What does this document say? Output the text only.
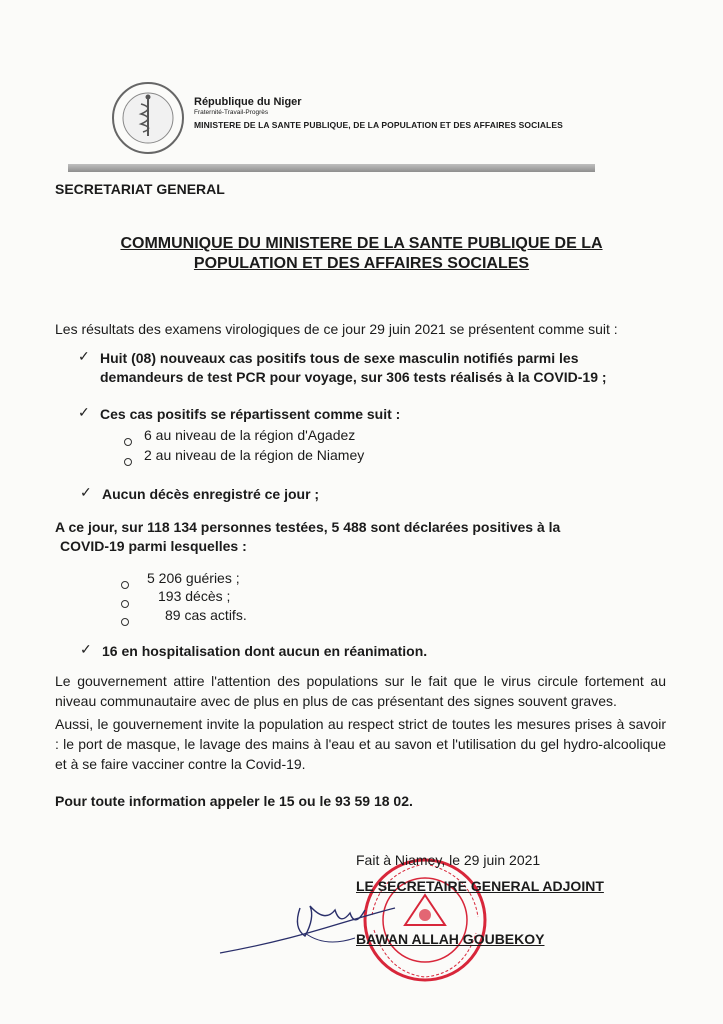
République du Niger
Fraternité-Travail-Progrès
MINISTERE DE LA SANTE PUBLIQUE, DE LA POPULATION ET DES AFFAIRES SOCIALES
SECRETARIAT GENERAL
COMMUNIQUE DU MINISTERE DE LA SANTE PUBLIQUE DE LA
POPULATION ET DES AFFAIRES SOCIALES
Les résultats des examens virologiques de ce jour 29 juin 2021 se présentent comme suit :
✓ Huit (08) nouveaux cas positifs tous de sexe masculin notifiés parmi les
demandeurs de test PCR pour voyage, sur 306 tests réalisés à la COVID-19 ;
✓ Ces cas positifs se répartissent comme suit :
6 au niveau de la région d'Agadez
2 au niveau de la région de Niamey
✓ Aucun décès enregistré ce jour ;
A ce jour, sur 118 134 personnes testées, 5 488 sont déclarées positives à la
COVID-19 parmi lesquelles :
5 206 guéries ;
193 décès ;
89 cas actifs.
✓ 16 en hospitalisation dont aucun en réanimation.
Le gouvernement attire l'attention des populations sur le fait que le virus circule fortement au niveau communautaire avec de plus en plus de cas présentant des signes souvent graves.
Aussi, le gouvernement invite la population au respect strict de toutes les mesures prises à savoir : le port de masque, le lavage des mains à l'eau et au savon et l'utilisation du gel hydro-alcoolique et à se faire vacciner contre la Covid-19.
Pour toute information appeler le 15 ou le 93 59 18 02.
Fait à Niamey, le 29 juin 2021
LE SECRETAIRE GENERAL ADJOINT
BAWAN ALLAH GOUBEKOY
